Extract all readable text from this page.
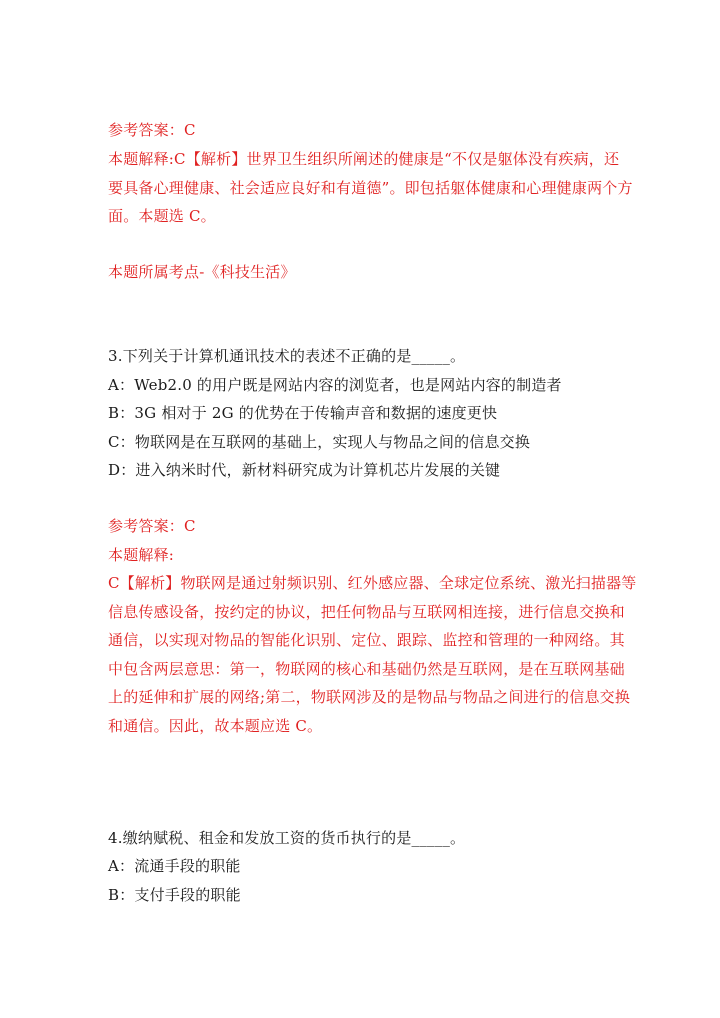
参考答案：C
本题解释:C【解析】世界卫生组织所阐述的健康是“不仅是躯体没有疾病，还
要具备心理健康、社会适应良好和有道德”。即包括躯体健康和心理健康两个方
面。本题选 C。
本题所属考点-《科技生活》
3.下列关于计算机通讯技术的表述不正确的是_____。
A：Web2.0 的用户既是网站内容的浏览者，也是网站内容的制造者
B：3G 相对于 2G 的优势在于传输声音和数据的速度更快
C：物联网是在互联网的基础上，实现人与物品之间的信息交换
D：进入纳米时代，新材料研究成为计算机芯片发展的关键
参考答案：C
本题解释:
C【解析】物联网是通过射频识别、红外感应器、全球定位系统、激光扫描器等
信息传感设备，按约定的协议，把任何物品与互联网相连接，进行信息交换和
通信，以实现对物品的智能化识别、定位、跟踪、监控和管理的一种网络。其
中包含两层意思：第一，物联网的核心和基础仍然是互联网，是在互联网基础
上的延伸和扩展的网络;第二，物联网涉及的是物品与物品之间进行的信息交换
和通信。因此，故本题应选 C。
4.缴纳赋税、租金和发放工资的货币执行的是_____。
A：流通手段的职能
B：支付手段的职能
